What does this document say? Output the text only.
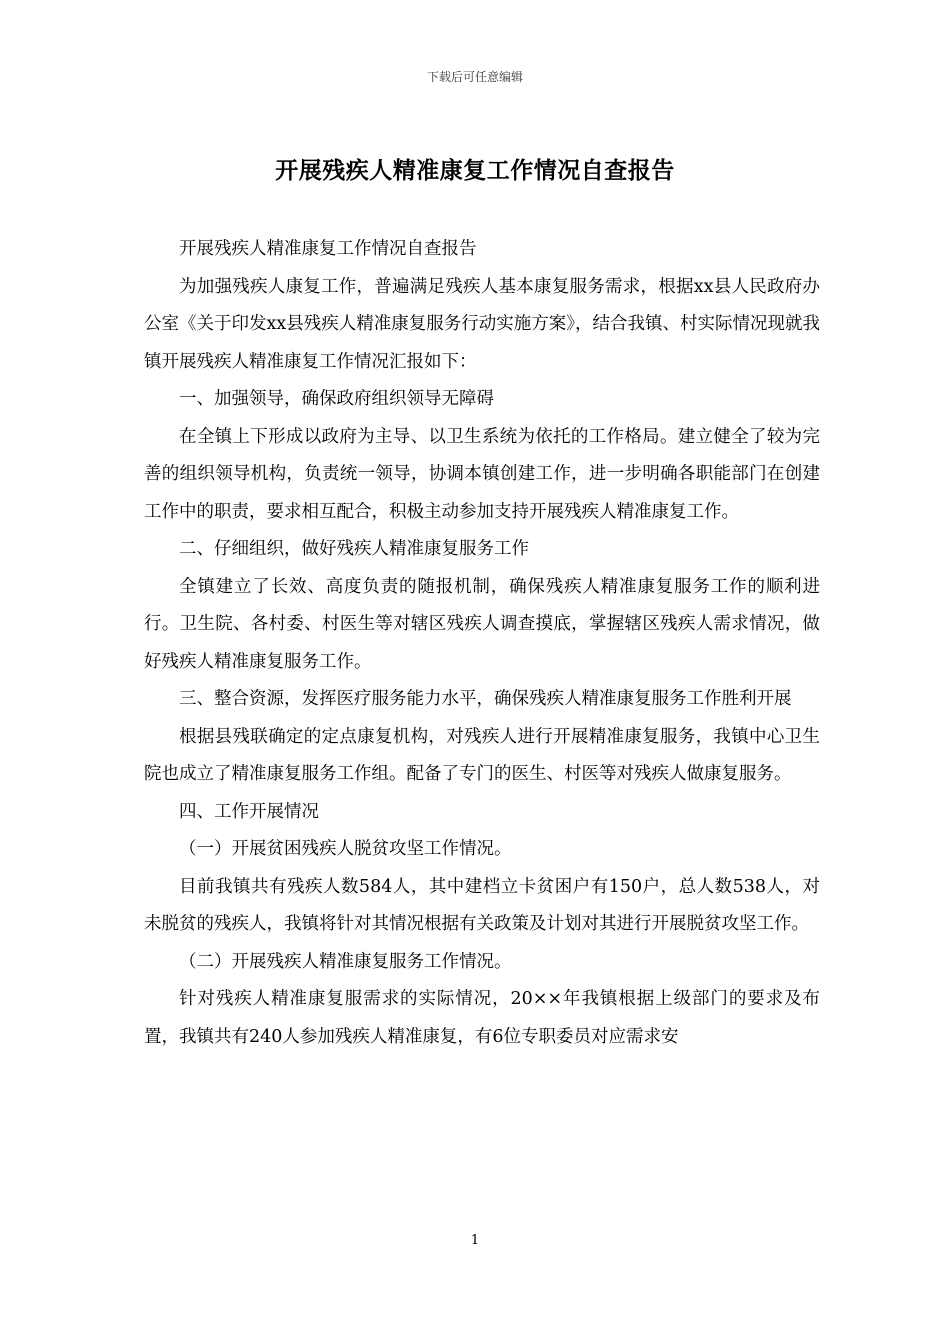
下载后可任意编辑
开展残疾人精准康复工作情况自查报告

开展残疾人精准康复工作情况自查报告

为加强残疾人康复工作，普遍满足残疾人基本康复服务需求，根据xx县人民政府办公室《关于印发xx县残疾人精准康复服务行动实施方案》，结合我镇、村实际情况现就我镇开展残疾人精准康复工作情况汇报如下：

一、加强领导，确保政府组织领导无障碍

在全镇上下形成以政府为主导、以卫生系统为依托的工作格局。建立健全了较为完善的组织领导机构，负责统一领导，协调本镇创建工作，进一步明确各职能部门在创建工作中的职责，要求相互配合，积极主动参加支持开展残疾人精准康复工作。

二、仔细组织，做好残疾人精准康复服务工作

全镇建立了长效、高度负责的随报机制，确保残疾人精准康复服务工作的顺利进行。卫生院、各村委、村医生等对辖区残疾人调查摸底，掌握辖区残疾人需求情况，做好残疾人精准康复服务工作。

三、整合资源，发挥医疗服务能力水平，确保残疾人精准康复服务工作胜利开展

根据县残联确定的定点康复机构，对残疾人进行开展精准康复服务，我镇中心卫生院也成立了精准康复服务工作组。配备了专门的医生、村医等对残疾人做康复服务。

四、工作开展情况

（一）开展贫困残疾人脱贫攻坚工作情况。

目前我镇共有残疾人数584人，其中建档立卡贫困户有150户，总人数538人，对未脱贫的残疾人，我镇将针对其情况根据有关政策及计划对其进行开展脱贫攻坚工作。

（二）开展残疾人精准康复服务工作情况。

针对残疾人精准康复服需求的实际情况，20××年我镇根据上级部门的要求及布置，我镇共有240人参加残疾人精准康复，有6位专职委员对应需求安

1
